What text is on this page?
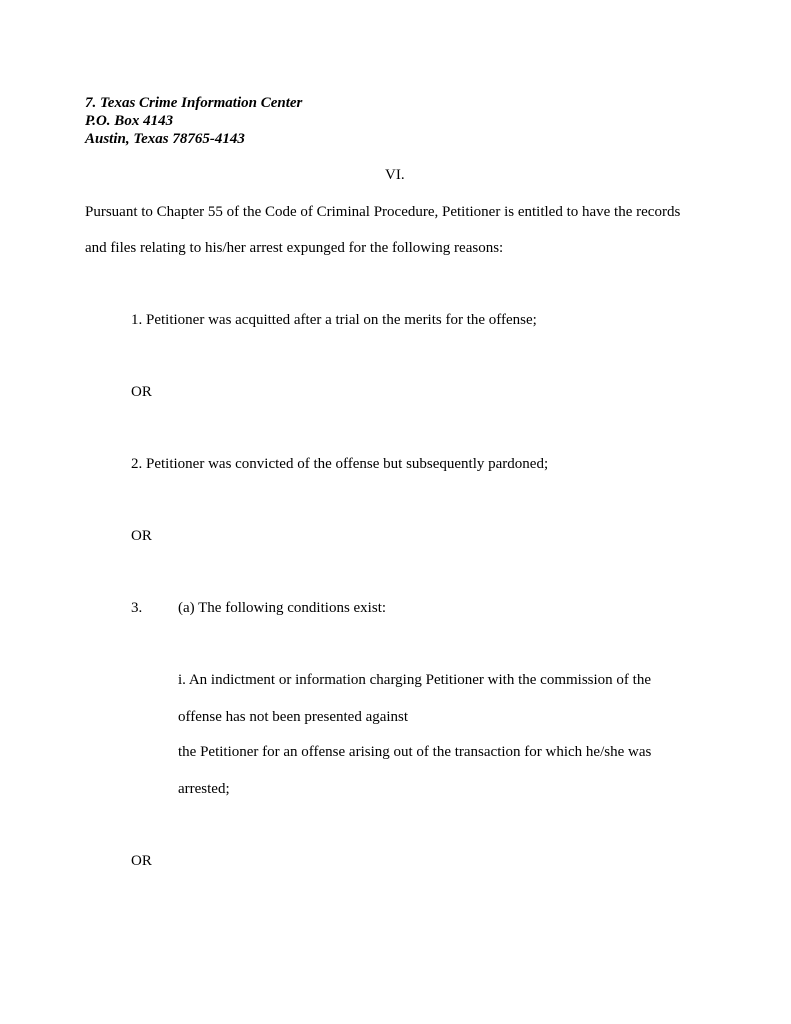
7. Texas Crime Information Center
P.O. Box 4143
Austin, Texas 78765-4143
VI.
Pursuant to Chapter 55 of the Code of Criminal Procedure, Petitioner is entitled to have the records
and files relating to his/her arrest expunged for the following reasons:
1. Petitioner was acquitted after a trial on the merits for the offense;
OR
2. Petitioner was convicted of the offense but subsequently pardoned;
OR
3. (a) The following conditions exist:
i. An indictment or information charging Petitioner with the commission of the
offense has not been presented against
the Petitioner for an offense arising out of the transaction for which he/she was
arrested;
OR
